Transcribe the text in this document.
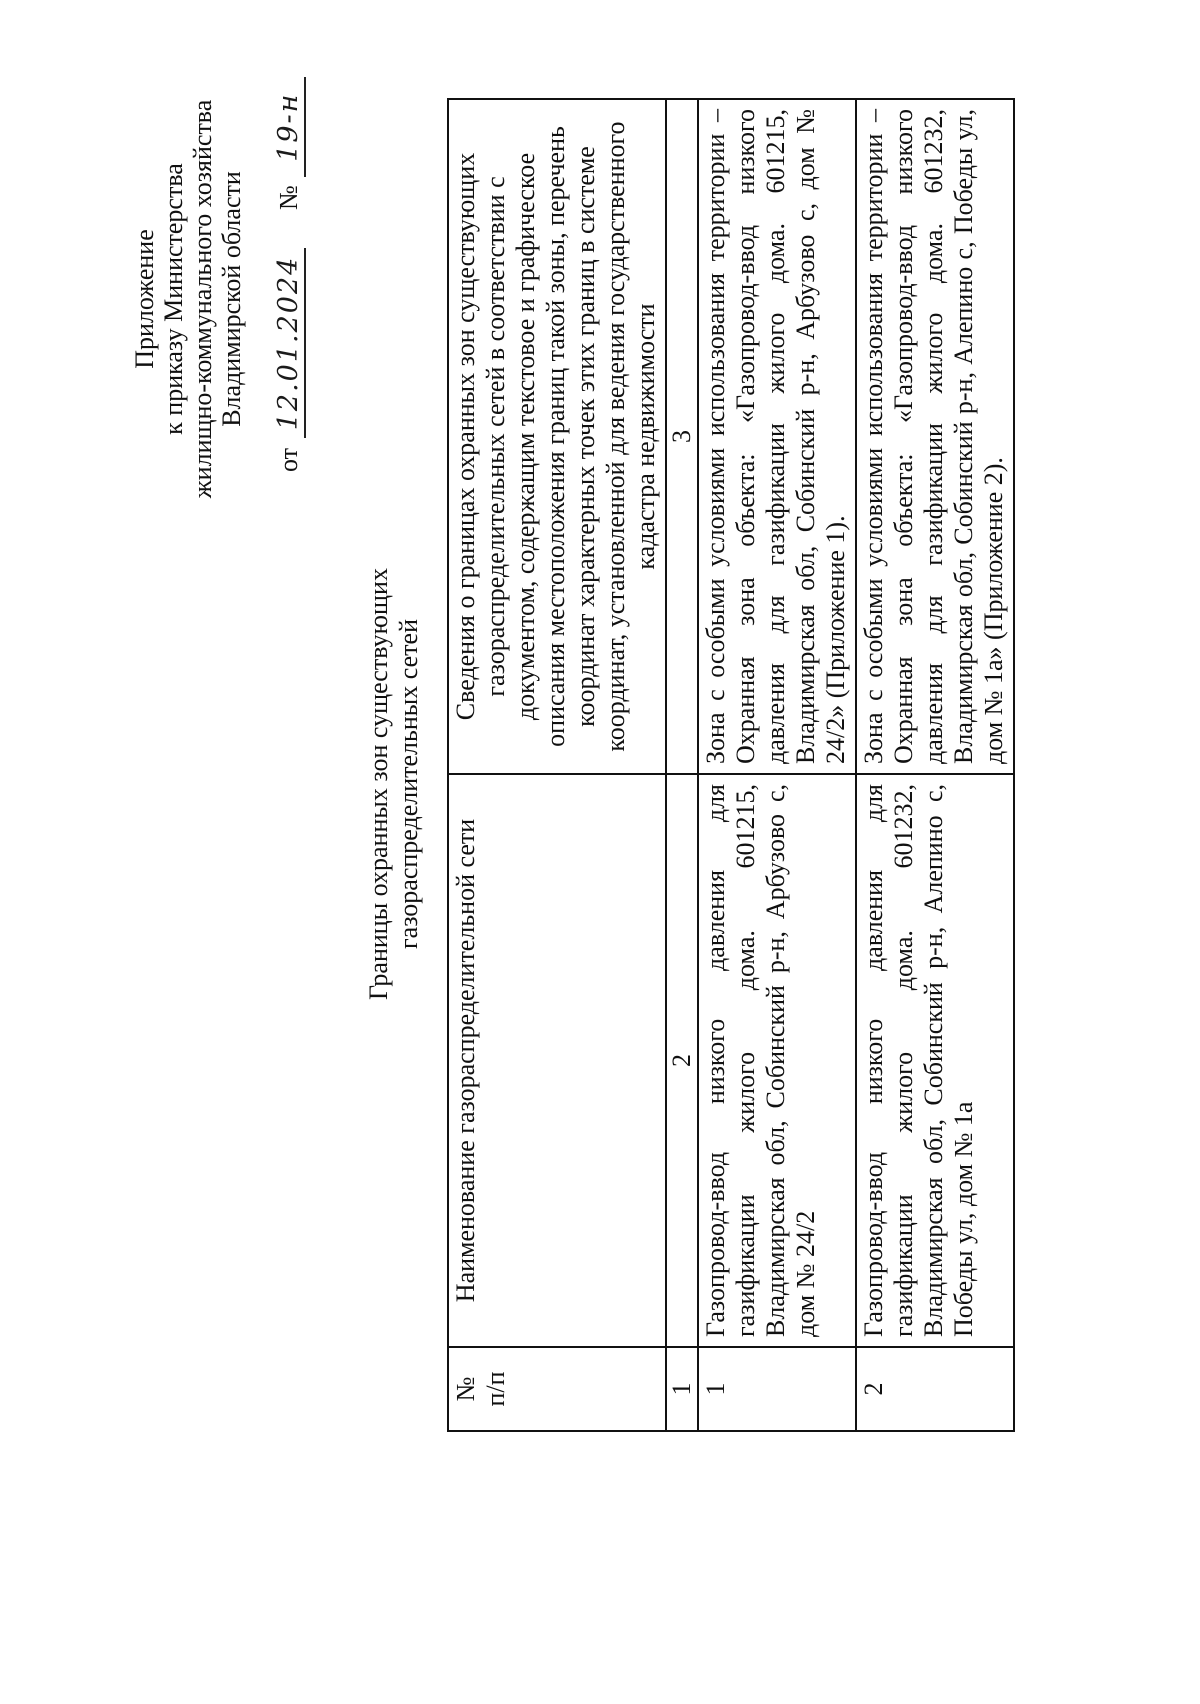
Приложение к приказу Министерства жилищно-коммунального хозяйства Владимирской области
от12.01.2024№19-н
Границы охранных зон существующих газораспределительных сетей
№ п/п	Наименование газораспределительной сети	Сведения о границах охранных зон существующих газораспределительных сетей в соответствии с документом, содержащим текстовое и графическое описания местоположения границ такой зоны, перечень координат характерных точек этих границ в системе координат, установленной для ведения государственного кадастра недвижимости
1	2	3
1	Газопровод-ввод низкого давления для газификации жилого дома. 601215, Владимирская обл, Собинский р-н, Арбузово с, дом № 24/2	Зона с особыми условиями использования территории – Охранная зона объекта: «Газопровод-ввод низкого давления для газификации жилого дома. 601215, Владимирская обл, Собинский р-н, Арбузово с, дом № 24/2» (Приложение 1).
2	Газопровод-ввод низкого давления для газификации жилого дома. 601232, Владимирская обл, Собинский р-н, Алепино с, Победы ул, дом № 1а	Зона с особыми условиями использования территории – Охранная зона объекта: «Газопровод-ввод низкого давления для газификации жилого дома. 601232, Владимирская обл, Собинский р-н, Алепино с, Победы ул, дом № 1а» (Приложение 2).
